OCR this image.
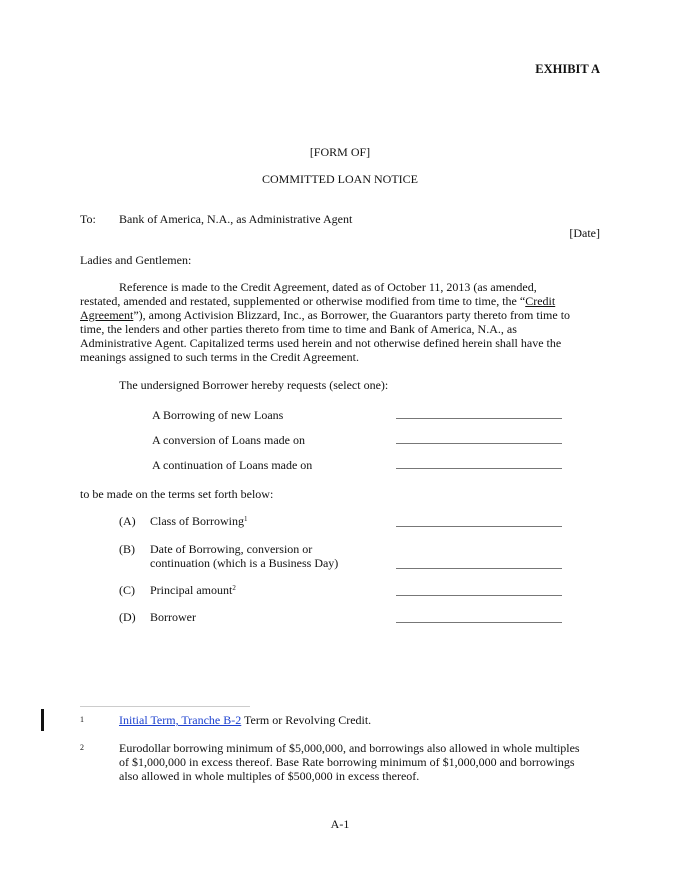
EXHIBIT A
[FORM OF]
COMMITTED LOAN NOTICE
To: Bank of America, N.A., as Administrative Agent
[Date]
Ladies and Gentlemen:
Reference is made to the Credit Agreement, dated as of October 11, 2013 (as amended,
restated, amended and restated, supplemented or otherwise modified from time to time, the “Credit
Agreement”), among Activision Blizzard, Inc., as Borrower, the Guarantors party thereto from time to
time, the lenders and other parties thereto from time to time and Bank of America, N.A., as
Administrative Agent. Capitalized terms used herein and not otherwise defined herein shall have the
meanings assigned to such terms in the Credit Agreement.
The undersigned Borrower hereby requests (select one):
A Borrowing of new Loans
A conversion of Loans made on
A continuation of Loans made on
to be made on the terms set forth below:
(A) Class of Borrowing$^1$
(B) Date of Borrowing, conversion or
continuation (which is a Business Day)
(C) Principal amount$^2$
(D) Borrower
1	Initial Term, Tranche B-2 Term or Revolving Credit.
2	Eurodollar borrowing minimum of $5,000,000, and borrowings also allowed in whole multiples
of $1,000,000 in excess thereof. Base Rate borrowing minimum of $1,000,000 and borrowings
also allowed in whole multiples of $500,000 in excess thereof.
A-1
